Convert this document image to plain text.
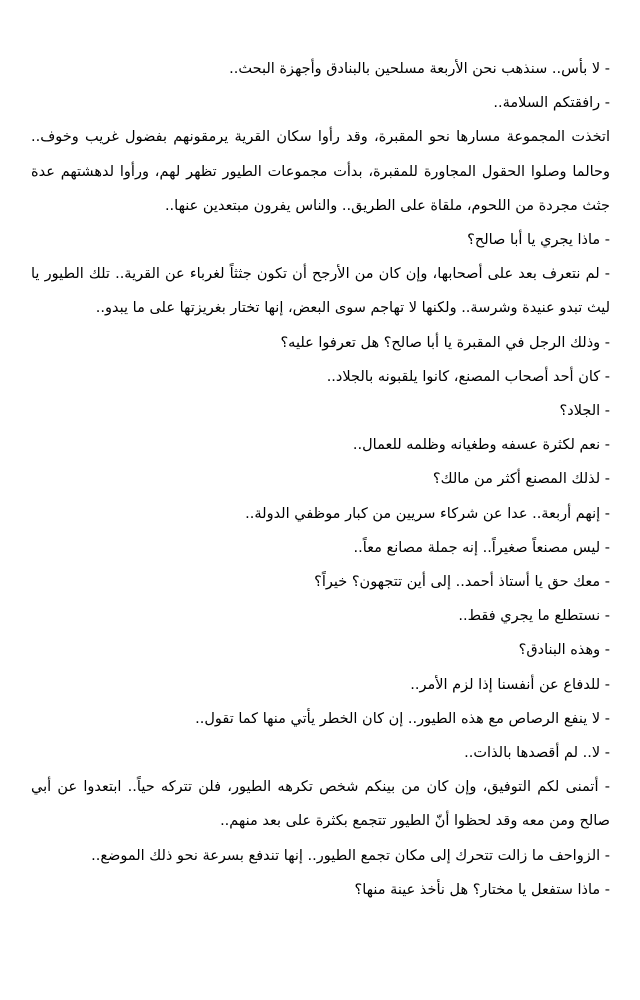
- لا بأس.. سنذهب نحن الأربعة مسلحين بالبنادق وأجهزة البحث..

- رافقتكم السلامة..

اتخذت المجموعة مسارها نحو المقبرة، وقد رأوا سكان القرية يرمقونهم بفضول غريب وخوف.. وحالما وصلوا الحقول المجاورة للمقبرة، بدأت مجموعات الطيور تظهر لهم، ورأوا لدهشتهم عدة جثث مجردة من اللحوم، ملقاة على الطريق.. والناس يفرون مبتعدين عنها..

- ماذا يجري يا أبا صالح؟

- لم نتعرف بعد على أصحابها، وإن كان من الأرجح أن تكون جثثاً لغرباء عن القرية.. تلك الطيور يا ليث تبدو عنيدة وشرسة.. ولكنها لا تهاجم سوى البعض، إنها تختار بغريزتها على ما يبدو..

- وذلك الرجل في المقبرة يا أبا صالح؟ هل تعرفوا عليه؟

- كان أحد أصحاب المصنع، كانوا يلقبونه بالجلاد..

- الجلاد؟

- نعم لكثرة عسفه وطغيانه وظلمه للعمال..

- لذلك المصنع أكثر من مالك؟

- إنهم أربعة.. عدا عن شركاء سريين من كبار موظفي الدولة..

- ليس مصنعاً صغيراً.. إنه جملة مصانع معاً..

- معك حق يا أستاذ أحمد.. إلى أين تتجهون؟ خيراً؟

- نستطلع ما يجري فقط..

- وهذه البنادق؟

- للدفاع عن أنفسنا إذا لزم الأمر..

- لا ينفع الرصاص مع هذه الطيور.. إن كان الخطر يأتي منها كما تقول..

- لا.. لم أقصدها بالذات..

- أتمنى لكم التوفيق، وإن كان من بينكم شخص تكرهه الطيور، فلن تتركه حياً.. ابتعدوا عن أبي صالح ومن معه وقد لحظوا أنّ الطيور تتجمع بكثرة على بعد منهم..

- الزواحف ما زالت تتحرك إلى مكان تجمع الطيور.. إنها تندفع بسرعة نحو ذلك الموضع..

- ماذا ستفعل يا مختار؟ هل نأخذ عينة منها؟
